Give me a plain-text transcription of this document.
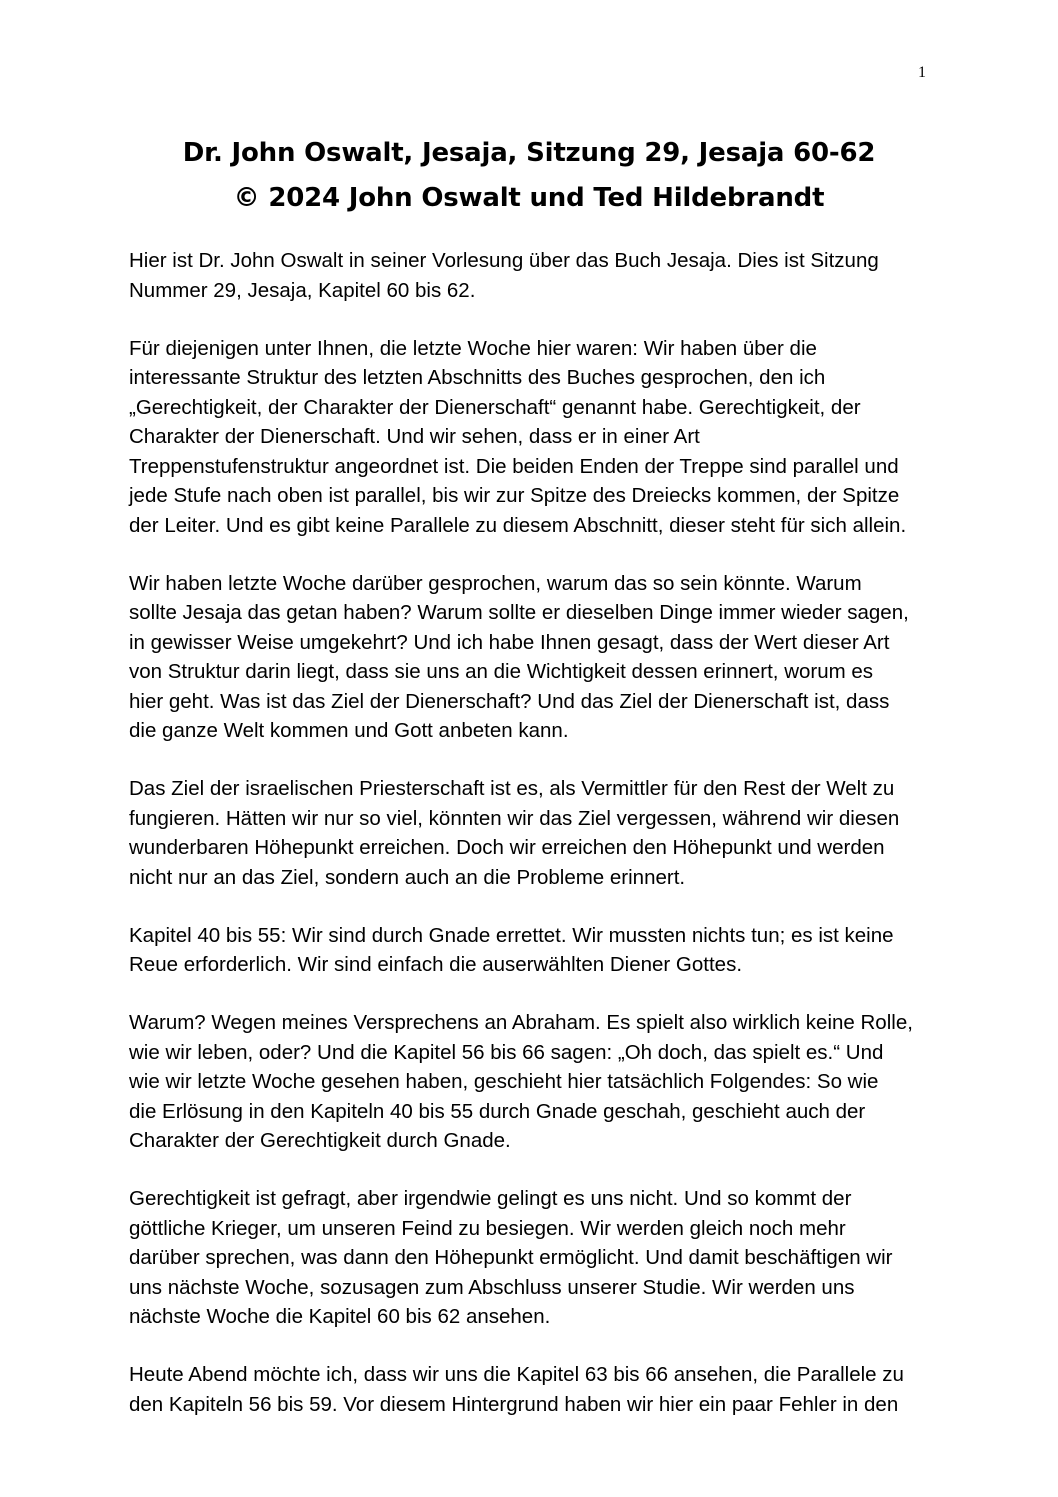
1
Dr. John Oswalt, Jesaja, Sitzung 29, Jesaja 60-62
© 2024 John Oswalt und Ted Hildebrandt

Hier ist Dr. John Oswalt in seiner Vorlesung über das Buch Jesaja. Dies ist Sitzung
Nummer 29, Jesaja, Kapitel 60 bis 62.

Für diejenigen unter Ihnen, die letzte Woche hier waren: Wir haben über die
interessante Struktur des letzten Abschnitts des Buches gesprochen, den ich
„Gerechtigkeit, der Charakter der Dienerschaft“ genannt habe. Gerechtigkeit, der
Charakter der Dienerschaft. Und wir sehen, dass er in einer Art
Treppenstufenstruktur angeordnet ist. Die beiden Enden der Treppe sind parallel und
jede Stufe nach oben ist parallel, bis wir zur Spitze des Dreiecks kommen, der Spitze
der Leiter. Und es gibt keine Parallele zu diesem Abschnitt, dieser steht für sich allein.

Wir haben letzte Woche darüber gesprochen, warum das so sein könnte. Warum
sollte Jesaja das getan haben? Warum sollte er dieselben Dinge immer wieder sagen,
in gewisser Weise umgekehrt? Und ich habe Ihnen gesagt, dass der Wert dieser Art
von Struktur darin liegt, dass sie uns an die Wichtigkeit dessen erinnert, worum es
hier geht. Was ist das Ziel der Dienerschaft? Und das Ziel der Dienerschaft ist, dass
die ganze Welt kommen und Gott anbeten kann.

Das Ziel der israelischen Priesterschaft ist es, als Vermittler für den Rest der Welt zu
fungieren. Hätten wir nur so viel, könnten wir das Ziel vergessen, während wir diesen
wunderbaren Höhepunkt erreichen. Doch wir erreichen den Höhepunkt und werden
nicht nur an das Ziel, sondern auch an die Probleme erinnert.

Kapitel 40 bis 55: Wir sind durch Gnade errettet. Wir mussten nichts tun; es ist keine
Reue erforderlich. Wir sind einfach die auserwählten Diener Gottes.

Warum? Wegen meines Versprechens an Abraham. Es spielt also wirklich keine Rolle,
wie wir leben, oder? Und die Kapitel 56 bis 66 sagen: „Oh doch, das spielt es.“ Und
wie wir letzte Woche gesehen haben, geschieht hier tatsächlich Folgendes: So wie
die Erlösung in den Kapiteln 40 bis 55 durch Gnade geschah, geschieht auch der
Charakter der Gerechtigkeit durch Gnade.

Gerechtigkeit ist gefragt, aber irgendwie gelingt es uns nicht. Und so kommt der
göttliche Krieger, um unseren Feind zu besiegen. Wir werden gleich noch mehr
darüber sprechen, was dann den Höhepunkt ermöglicht. Und damit beschäftigen wir
uns nächste Woche, sozusagen zum Abschluss unserer Studie. Wir werden uns
nächste Woche die Kapitel 60 bis 62 ansehen.

Heute Abend möchte ich, dass wir uns die Kapitel 63 bis 66 ansehen, die Parallele zu
den Kapiteln 56 bis 59. Vor diesem Hintergrund haben wir hier ein paar Fehler in den
